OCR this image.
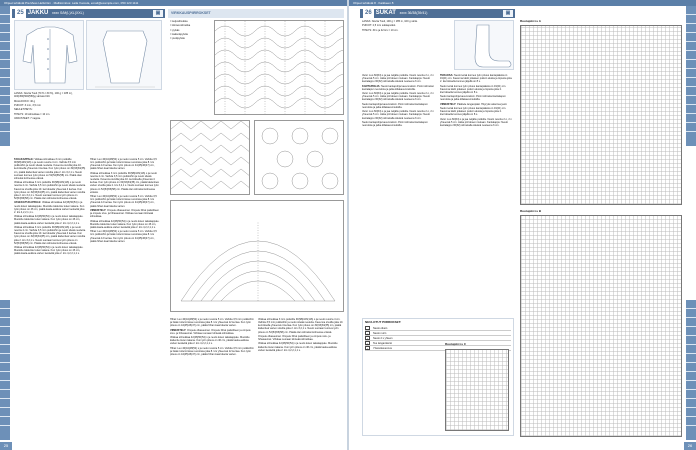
Ohjeet tehtävät Pia Mess Hellström · Mallitoimitus: Laila Vuorela, email@example.com, 050 123 1111
25 JAKKU xxxx S/M(L)XL(XXL)	▣

LANKA: Novita Tuuli (70 % / 30 %), 100 g = 185 m), 400(450)500(550)g värissä 010.

MALLIKOKO: 40 g

PUIKOT: 3 mm, 3,5 mm

NEULETIHEYS:

TIHEYS: 19 silmukkaa = 10 cm.

VARUSTEET: 7 nappia.

TAKAKAPPALE: Viikkaa silmukkaa 3 mm puikoille 90(98)106(116) s ja neulo resoria 4 cm. Vaihda 3,5 mm puikkoihin ja neulo sileää neuletta. Kavenna sivuilla joka 10. kerroksella yhteensä 4 kertaa. Kun työn pituus on 32(33)34(35) cm, päätä kädentieä varten sivuilta joka 2. krs 3,2,1 s. Neulo suoraan kunnes työn pituus on 52(54)56(58) cm. Päätä olan silmukat kolmessa erässä.

Viikkaa silmukkaa 3 mm puikoille 90(98)106(116) s ja neulo resoria 4 cm. Vaihda 3,5 mm puikkoihin ja neulo sileää neuletta. Kavenna sivuilla joka 10. kerroksella yhteensä 4 kertaa. Kun työn pituus on 32(33)34(35) cm, päätä kädentieä varten sivuilta joka 2. krs 3,2,1 s. Neulo suoraan kunnes työn pituus on 52(54)56(58) cm. Päätä olan silmukat kolmessa erässä.

VASEN ETUKAPPALE: Viikkaa silmukkaa 42(46)50(54) s ja neulo kuten takakappale. Muotoile kädentie kuten takana. Kun työn pituus on 46 cm, päätä kaula-aukkoa varten keskeltä joka 2. krs 4,2,2,1,1 s.

Viikkaa silmukkaa 42(46)50(54) s ja neulo kuten takakappale. Muotoile kädentie kuten takana. Kun työn pituus on 46 cm, päätä kaula-aukkoa varten keskeltä joka 2. krs 4,2,2,1,1 s.

Viikkaa silmukkaa 3 mm puikoille 90(98)106(116) s ja neulo resoria 4 cm. Vaihda 3,5 mm puikkoihin ja neulo sileää neuletta. Kavenna sivuilla joka 10. kerroksella yhteensä 4 kertaa. Kun työn pituus on 32(33)34(35) cm, päätä kädentieä varten sivuilta joka 2. krs 3,2,1 s. Neulo suoraan kunnes työn pituus on 52(54)56(58) cm. Päätä olan silmukat kolmessa erässä.

Viikkaa silmukkaa 42(46)50(54) s ja neulo kuten takakappale. Muotoile kädentie kuten takana. Kun työn pituus on 46 cm, päätä kaula-aukkoa varten keskeltä joka 2. krs 4,2,2,1,1 s.

Hihat: Luo 40(44)48(52) s ja neulo resoria 5 cm. Vaihda 3,5 mm puikkoihin ja lisää molemmissa reunoissa joka 8. krs yhteensä 12 kertaa. Kun työn pituus on 44(45)46(47) cm, päätä hihan kaarroketta varten.

Viikkaa silmukkaa 3 mm puikoille 90(98)106(116) s ja neulo resoria 4 cm. Vaihda 3,5 mm puikkoihin ja neulo sileää neuletta. Kavenna sivuilla joka 10. kerroksella yhteensä 4 kertaa. Kun työn pituus on 32(33)34(35) cm, päätä kädentieä varten sivuilta joka 2. krs 3,2,1 s. Neulo suoraan kunnes työn pituus on 52(54)56(58) cm. Päätä olan silmukat kolmessa erässä.

Hihat: Luo 40(44)48(52) s ja neulo resoria 5 cm. Vaihda 3,5 mm puikkoihin ja lisää molemmissa reunoissa joka 8. krs yhteensä 12 kertaa. Kun työn pituus on 44(45)46(47) cm, päätä hihan kaarroketta varten.

VIIMEISTELY: Ompele olkasaumat. Ompele hihat paikoilleen ja ompele sivu- ja hihasaumat. Virkkaa reunaan kiinteää silmukkaa.

Viikkaa silmukkaa 42(46)50(54) s ja neulo kuten takakappale. Muotoile kädentie kuten takana. Kun työn pituus on 46 cm, päätä kaula-aukkoa varten keskeltä joka 2. krs 4,2,2,1,1 s.

Hihat: Luo 40(44)48(52) s ja neulo resoria 5 cm. Vaihda 3,5 mm puikkoihin ja lisää molemmissa reunoissa joka 8. krs yhteensä 12 kertaa. Kun työn pituus on 44(45)46(47) cm, päätä hihan kaarroketta varten.

VIRKKAUSPIIRROKSET

= ketjusilmukka

= kiinteä silmukka

= pylväs

= kaksoispylväs

= puolipylväs

Hihat: Luo 40(44)48(52) s ja neulo resoria 5 cm. Vaihda 3,5 mm puikkoihin ja lisää molemmissa reunoissa joka 8. krs yhteensä 12 kertaa. Kun työn pituus on 44(45)46(47) cm, päätä hihan kaarroketta varten.

VIIMEISTELY: Ompele olkasaumat. Ompele hihat paikoilleen ja ompele sivu- ja hihasaumat. Virkkaa reunaan kiinteää silmukkaa.

Viikkaa silmukkaa 42(46)50(54) s ja neulo kuten takakappale. Muotoile kädentie kuten takana. Kun työn pituus on 46 cm, päätä kaula-aukkoa varten keskeltä joka 2. krs 4,2,2,1,1 s.

Hihat: Luo 40(44)48(52) s ja neulo resoria 5 cm. Vaihda 3,5 mm puikkoihin ja lisää molemmissa reunoissa joka 8. krs yhteensä 12 kertaa. Kun työn pituus on 44(45)46(47) cm, päätä hihan kaarroketta varten.

Viikkaa silmukkaa 3 mm puikoille 90(98)106(116) s ja neulo resoria 4 cm. Vaihda 3,5 mm puikkoihin ja neulo sileää neuletta. Kavenna sivuilla joka 10. kerroksella yhteensä 4 kertaa. Kun työn pituus on 32(33)34(35) cm, päätä kädentieä varten sivuilta joka 2. krs 3,2,1 s. Neulo suoraan kunnes työn pituus on 52(54)56(58) cm. Päätä olan silmukat kolmessa erässä.

Ompele olkasaumat. Ompele hihat paikoilleen ja ompele sivu- ja hihasaumat. Virkkaa reunaan kiinteää silmukkaa.

Viikkaa silmukkaa 42(46)50(54) s ja neulo kuten takakappale. Muotoile kädentie kuten takana. Kun työn pituus on 46 cm, päätä kaula-aukkoa varten keskeltä joka 2. krs 4,2,2,1,1 s.

25
Ohjeet tehtävät 8 · Kaikkeen 8
26 SUKAT xxxx 36/38(39/41)	▣

LANKA: Novita Tuuli, 100 g = 185 m, 100 g väriä.

PUIKOT: 2,5 mm sukkapuikot.

TIHEYS: 30 s ja 42 krs = 10 cm.

Varsi: Luo 60(64) s ja jaa neljälle puikolle. Neulo resoria 2 o, 2 n yhteensä 5 cm. Jatka piirroksen mukaan. Kantalappu: Neulo kantalappu 30(32) silmukalla sileänä neuleena 6 cm.

KANTAPOHJA: Neulo kantapohja kavennuksin. Poimi silmukat kantalapun reunoista ja jatka kiilakavennuksilla.

Varsi: Luo 60(64) s ja jaa neljälle puikolle. Neulo resoria 2 o, 2 n yhteensä 5 cm. Jatka piirroksen mukaan. Kantalappu: Neulo kantalappu 30(32) silmukalla sileänä neuleena 6 cm.

Neulo kantapohja kavennuksin. Poimi silmukat kantalapun reunoista ja jatka kiilakavennuksilla.

Varsi: Luo 60(64) s ja jaa neljälle puikolle. Neulo resoria 2 o, 2 n yhteensä 5 cm. Jatka piirroksen mukaan. Kantalappu: Neulo kantalappu 30(32) silmukalla sileänä neuleena 6 cm.

Neulo kantapohja kavennuksin. Poimi silmukat kantalapun reunoista ja jatka kiilakavennuksilla.

TERÄOSA: Neulo terää kunnes työn pituus kantapäästä on 19(21) cm. Kavenna kärki jokaisen puikon alusta ja lopusta joka 2. kierroksella kunnes jäljellä on 8 s.

Neulo terää kunnes työn pituus kantapäästä on 19(21) cm. Kavenna kärki jokaisen puikon alusta ja lopusta joka 2. kierroksella kunnes jäljellä on 8 s.

Neulo kantapohja kavennuksin. Poimi silmukat kantalapun reunoista ja jatka kiilakavennuksilla.

VIIMEISTELY: Päättele langanpäät. Höyrytä sukat kevyesti.

Neulo terää kunnes työn pituus kantapäästä on 19(21) cm. Kavenna kärki jokaisen puikon alusta ja lopusta joka 2. kierroksella kunnes jäljellä on 8 s.

Varsi: Luo 60(64) s ja jaa neljälle puikolle. Neulo resoria 2 o, 2 n yhteensä 5 cm. Jatka piirroksen mukaan. Kantalappu: Neulo kantalappu 30(32) silmukalla sileänä neuleena 6 cm.

NEULOTUT PIIRROKSET:
Neulo oikein
•	Neulo nurin
/	Neulo 2 s yhteen
o	Tee langankierto
\	Ylivetokavennus
Ruutupiirros C
Ruutupiirros A
Ruutupiirros B
26
